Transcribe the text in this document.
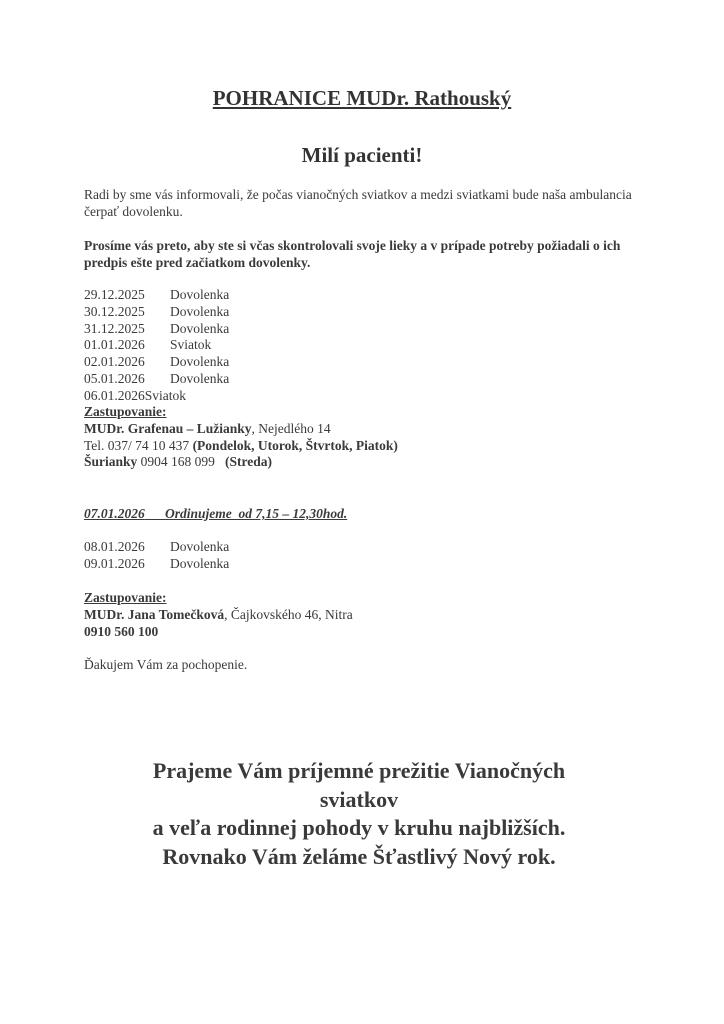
POHRANICE MUDr. Rathouský
Milí pacienti!
Radi by sme vás informovali, že počas vianočných sviatkov a medzi sviatkami bude naša ambulancia čerpať dovolenku.
Prosíme vás preto, aby ste si včas skontrolovali svoje lieky a v prípade potreby požiadali o ich predpis ešte pred začiatkom dovolenky.
29.12.2025 Dovolenka
30.12.2025 Dovolenka
31.12.2025 Dovolenka
01.01.2026 Sviatok
02.01.2026 Dovolenka
05.01.2026 Dovolenka
06.01.2026Sviatok
Zastupovanie:
MUDr. Grafenau – Lužianky, Nejedlého 14
Tel. 037/ 74 10 437 (Pondelok, Utorok, Štvrtok, Piatok)
Šurianky 0904 168 099   (Streda)
07.01.2026 Ordinujeme  od 7,15 – 12,30hod.
08.01.2026 Dovolenka
09.01.2026 Dovolenka
Zastupovanie:
MUDr. Jana Tomečková, Čajkovského 46, Nitra
0910 560 100
Ďakujem Vám za pochopenie.
Prajeme Vám príjemné prežitie Vianočných
sviatkov
a veľa rodinnej pohody v kruhu najbližších.
Rovnako Vám želáme Šťastlivý Nový rok.
